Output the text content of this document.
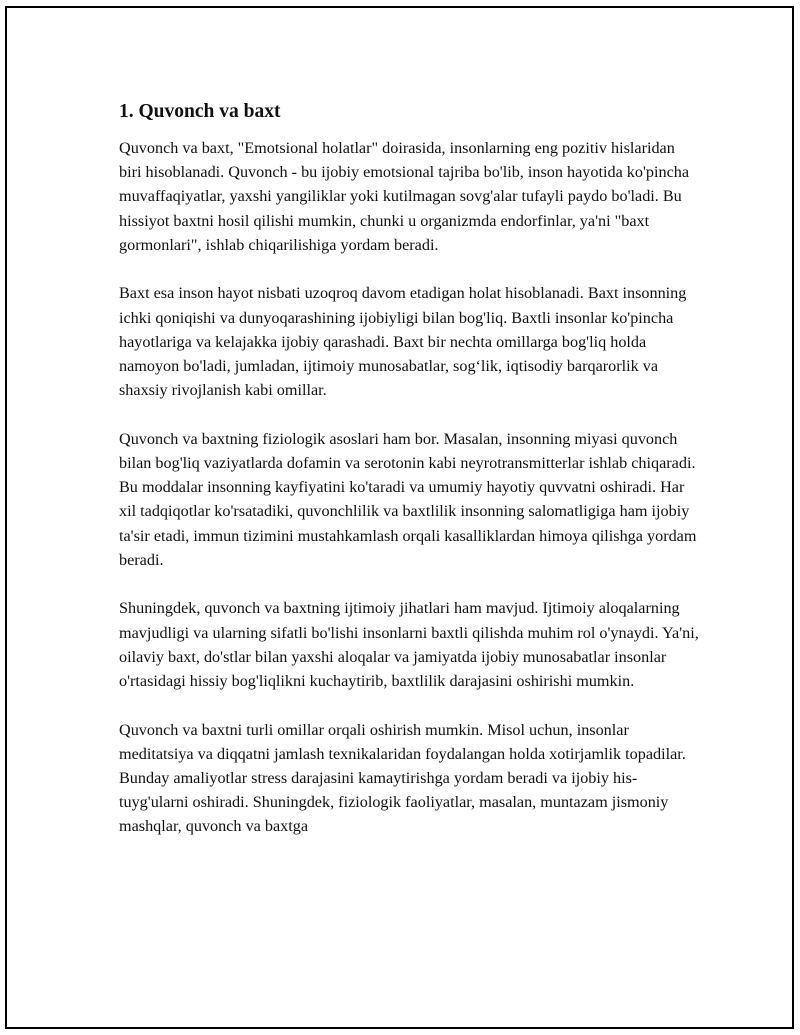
1. Quvonch va baxt

Quvonch va baxt, "Emotsional holatlar" doirasida, insonlarning eng pozitiv hislaridan biri hisoblanadi. Quvonch - bu ijobiy emotsional tajriba bo'lib, inson hayotida ko'pincha muvaffaqiyatlar, yaxshi yangiliklar yoki kutilmagan sovg'alar tufayli paydo bo'ladi. Bu hissiyot baxtni hosil qilishi mumkin, chunki u organizmda endorfinlar, ya'ni "baxt gormonlari", ishlab chiqarilishiga yordam beradi.

Baxt esa inson hayot nisbati uzoqroq davom etadigan holat hisoblanadi. Baxt insonning ichki qoniqishi va dunyoqarashining ijobiyligi bilan bog'liq. Baxtli insonlar ko'pincha hayotlariga va kelajakka ijobiy qarashadi. Baxt bir nechta omillarga bog'liq holda namoyon bo'ladi, jumladan, ijtimoiy munosabatlar, sog‘lik, iqtisodiy barqarorlik va shaxsiy rivojlanish kabi omillar.

Quvonch va baxtning fiziologik asoslari ham bor. Masalan, insonning miyasi quvonch bilan bog'liq vaziyatlarda dofamin va serotonin kabi neyrotransmitterlar ishlab chiqaradi. Bu moddalar insonning kayfiyatini ko'taradi va umumiy hayotiy quvvatni oshiradi. Har xil tadqiqotlar ko'rsatadiki, quvonchlilik va baxtlilik insonning salomatligiga ham ijobiy ta'sir etadi, immun tizimini mustahkamlash orqali kasalliklardan himoya qilishga yordam beradi.

Shuningdek, quvonch va baxtning ijtimoiy jihatlari ham mavjud. Ijtimoiy aloqalarning mavjudligi va ularning sifatli bo'lishi insonlarni baxtli qilishda muhim rol o'ynaydi. Ya'ni, oilaviy baxt, do'stlar bilan yaxshi aloqalar va jamiyatda ijobiy munosabatlar insonlar o'rtasidagi hissiy bog'liqlikni kuchaytirib, baxtlilik darajasini oshirishi mumkin.

Quvonch va baxtni turli omillar orqali oshirish mumkin. Misol uchun, insonlar meditatsiya va diqqatni jamlash texnikalaridan foydalangan holda xotirjamlik topadilar. Bunday amaliyotlar stress darajasini kamaytirishga yordam beradi va ijobiy his-tuyg'ularni oshiradi. Shuningdek, fiziologik faoliyatlar, masalan, muntazam jismoniy mashqlar, quvonch va baxtga
